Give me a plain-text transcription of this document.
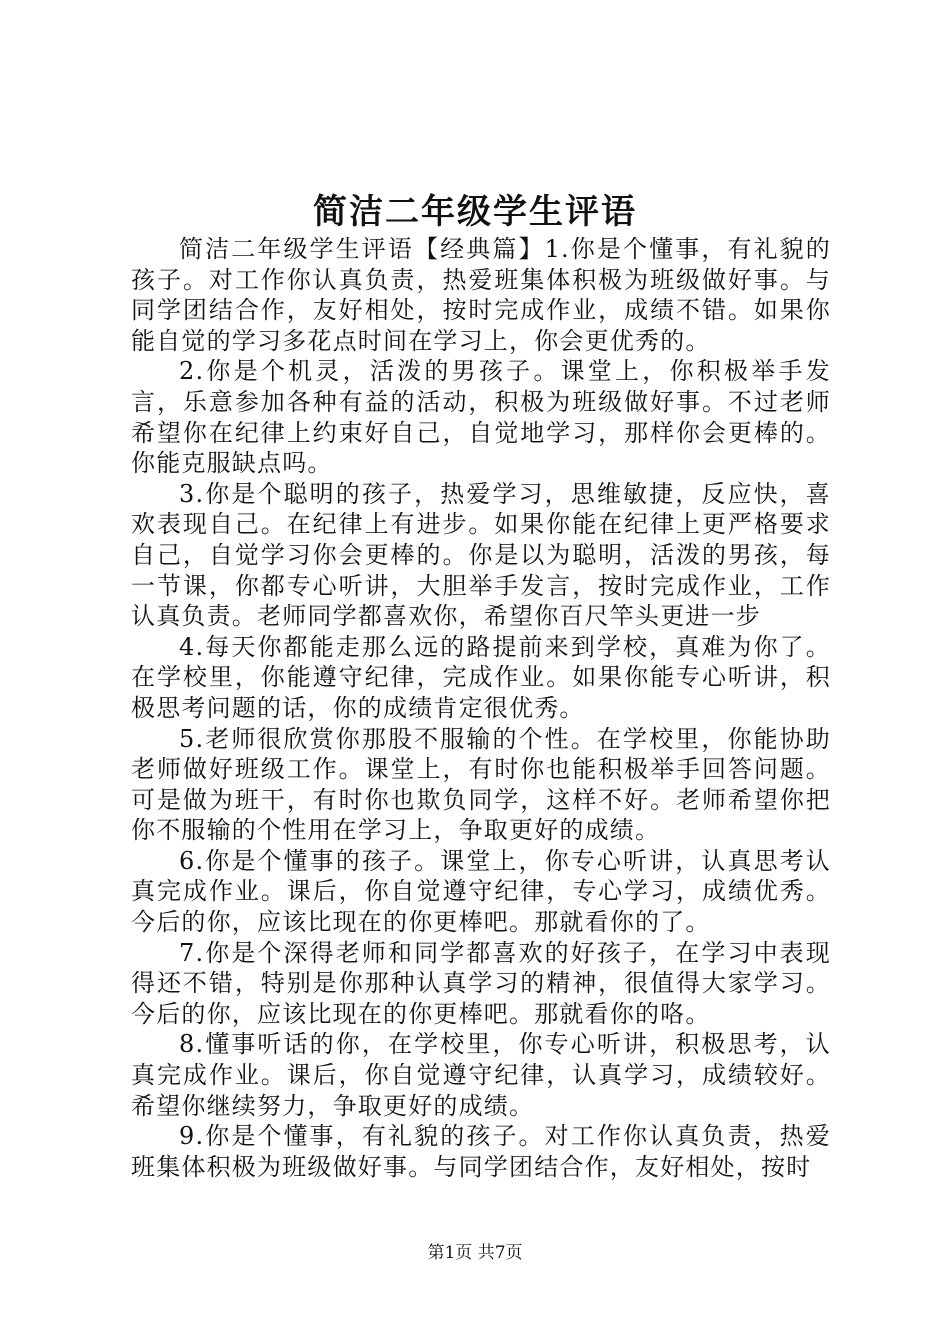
简洁二年级学生评语

简洁二年级学生评语【经典篇】1.你是个懂事，有礼貌的孩子。对工作你认真负责，热爱班集体积极为班级做好事。与同学团结合作，友好相处，按时完成作业，成绩不错。如果你能自觉的学习多花点时间在学习上，你会更优秀的。

2.你是个机灵，活泼的男孩子。课堂上，你积极举手发言，乐意参加各种有益的活动，积极为班级做好事。不过老师希望你在纪律上约束好自己，自觉地学习，那样你会更棒的。你能克服缺点吗。

3.你是个聪明的孩子，热爱学习，思维敏捷，反应快，喜欢表现自己。在纪律上有进步。如果你能在纪律上更严格要求自己，自觉学习你会更棒的。你是以为聪明，活泼的男孩，每一节课，你都专心听讲，大胆举手发言，按时完成作业，工作认真负责。老师同学都喜欢你，希望你百尺竿头更进一步

4.每天你都能走那么远的路提前来到学校，真难为你了。在学校里，你能遵守纪律，完成作业。如果你能专心听讲，积极思考问题的话，你的成绩肯定很优秀。

5.老师很欣赏你那股不服输的个性。在学校里，你能协助老师做好班级工作。课堂上，有时你也能积极举手回答问题。可是做为班干，有时你也欺负同学，这样不好。老师希望你把你不服输的个性用在学习上，争取更好的成绩。

6.你是个懂事的孩子。课堂上，你专心听讲，认真思考认真完成作业。课后，你自觉遵守纪律，专心学习，成绩优秀。今后的你，应该比现在的你更棒吧。那就看你的了。

7.你是个深得老师和同学都喜欢的好孩子，在学习中表现得还不错，特别是你那种认真学习的精神，很值得大家学习。今后的你，应该比现在的你更棒吧。那就看你的咯。

8.懂事听话的你，在学校里，你专心听讲，积极思考，认真完成作业。课后，你自觉遵守纪律，认真学习，成绩较好。希望你继续努力，争取更好的成绩。

9.你是个懂事，有礼貌的孩子。对工作你认真负责，热爱班集体积极为班级做好事。与同学团结合作，友好相处，按时

第1页 共7页
